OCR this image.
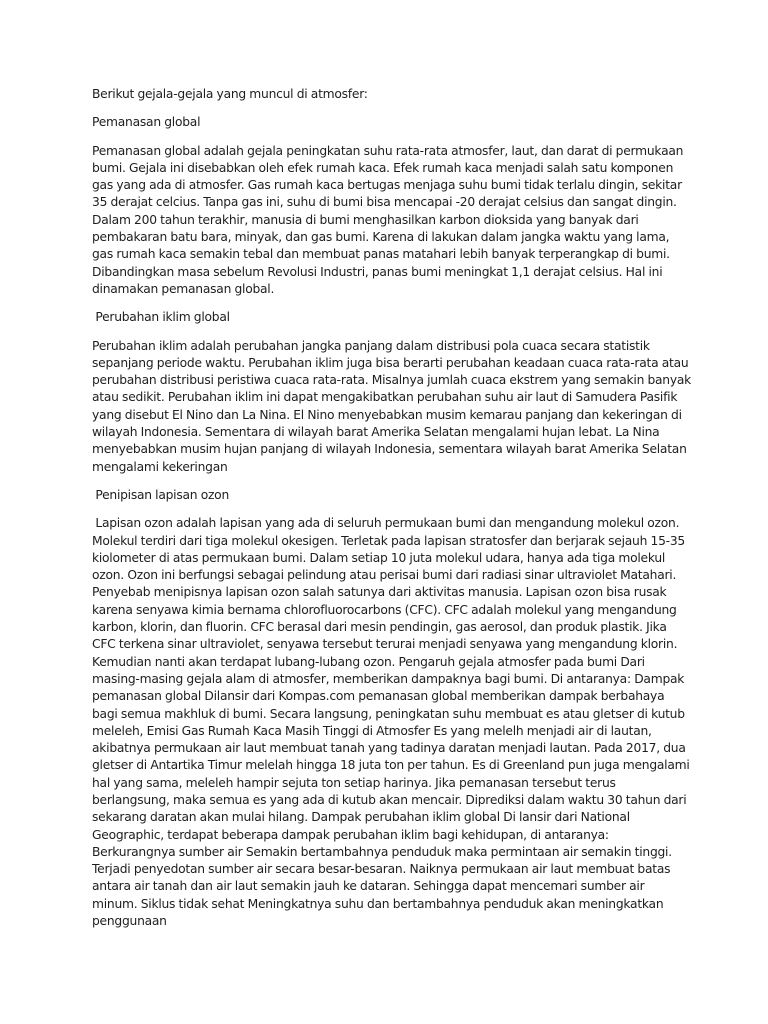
Berikut gejala-gejala yang muncul di atmosfer:

Pemanasan global

Pemanasan global adalah gejala peningkatan suhu rata-rata atmosfer, laut, dan darat di permukaan bumi. Gejala ini disebabkan oleh efek rumah kaca. Efek rumah kaca menjadi salah satu komponen gas yang ada di atmosfer. Gas rumah kaca bertugas menjaga suhu bumi tidak terlalu dingin, sekitar 35 derajat celcius. Tanpa gas ini, suhu di bumi bisa mencapai -20 derajat celsius dan sangat dingin. Dalam 200 tahun terakhir, manusia di bumi menghasilkan karbon dioksida yang banyak dari pembakaran batu bara, minyak, dan gas bumi. Karena di lakukan dalam jangka waktu yang lama, gas rumah kaca semakin tebal dan membuat panas matahari lebih banyak terperangkap di bumi. Dibandingkan masa sebelum Revolusi Industri, panas bumi meningkat 1,1 derajat celsius. Hal ini dinamakan pemanasan global.

Perubahan iklim global

Perubahan iklim adalah perubahan jangka panjang dalam distribusi pola cuaca secara statistik sepanjang periode waktu. Perubahan iklim juga bisa berarti perubahan keadaan cuaca rata-rata atau perubahan distribusi peristiwa cuaca rata-rata. Misalnya jumlah cuaca ekstrem yang semakin banyak atau sedikit. Perubahan iklim ini dapat mengakibatkan perubahan suhu air laut di Samudera Pasifik yang disebut El Nino dan La Nina. El Nino menyebabkan musim kemarau panjang dan kekeringan di wilayah Indonesia. Sementara di wilayah barat Amerika Selatan mengalami hujan lebat. La Nina menyebabkan musim hujan panjang di wilayah Indonesia, sementara wilayah barat Amerika Selatan mengalami kekeringan

Penipisan lapisan ozon

Lapisan ozon adalah lapisan yang ada di seluruh permukaan bumi dan mengandung molekul ozon. Molekul terdiri dari tiga molekul okesigen. Terletak pada lapisan stratosfer dan berjarak sejauh 15-35 kiolometer di atas permukaan bumi. Dalam setiap 10 juta molekul udara, hanya ada tiga molekul ozon. Ozon ini berfungsi sebagai pelindung atau perisai bumi dari radiasi sinar ultraviolet Matahari. Penyebab menipisnya lapisan ozon salah satunya dari aktivitas manusia. Lapisan ozon bisa rusak karena senyawa kimia bernama chlorofluorocarbons (CFC). CFC adalah molekul yang mengandung karbon, klorin, dan fluorin. CFC berasal dari mesin pendingin, gas aerosol, dan produk plastik. Jika CFC terkena sinar ultraviolet, senyawa tersebut terurai menjadi senyawa yang mengandung klorin. Kemudian nanti akan terdapat lubang-lubang ozon. Pengaruh gejala atmosfer pada bumi Dari masing-masing gejala alam di atmosfer, memberikan dampaknya bagi bumi. Di antaranya: Dampak pemanasan global Dilansir dari Kompas.com pemanasan global memberikan dampak berbahaya bagi semua makhluk di bumi. Secara langsung, peningkatan suhu membuat es atau gletser di kutub meleleh, Emisi Gas Rumah Kaca Masih Tinggi di Atmosfer Es yang melelh menjadi air di lautan, akibatnya permukaan air laut membuat tanah yang tadinya daratan menjadi lautan. Pada 2017, dua gletser di Antartika Timur melelah hingga 18 juta ton per tahun. Es di Greenland pun juga mengalami hal yang sama, meleleh hampir sejuta ton setiap harinya. Jika pemanasan tersebut terus berlangsung, maka semua es yang ada di kutub akan mencair. Diprediksi dalam waktu 30 tahun dari sekarang daratan akan mulai hilang. Dampak perubahan iklim global Di lansir dari National Geographic, terdapat beberapa dampak perubahan iklim bagi kehidupan, di antaranya: Berkurangnya sumber air Semakin bertambahnya penduduk maka permintaan air semakin tinggi. Terjadi penyedotan sumber air secara besar-besaran. Naiknya permukaan air laut membuat batas antara air tanah dan air laut semakin jauh ke dataran. Sehingga dapat mencemari sumber air minum. Siklus tidak sehat Meningkatnya suhu dan bertambahnya penduduk akan meningkatkan penggunaan
